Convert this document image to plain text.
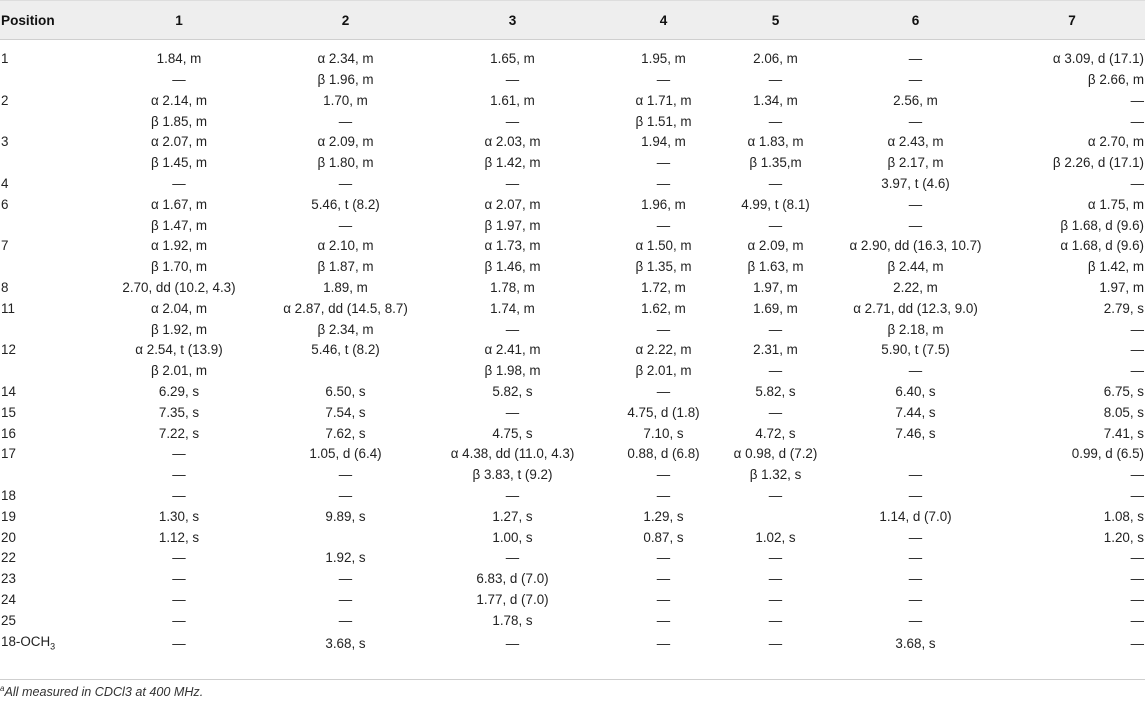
Position	1	2	3	4	5	6	7
1	1.84, m	α 2.34, m	1.65, m	1.95, m	2.06, m	—	α 3.09, d (17.1)
	—	β 1.96, m	—	—	—	—	β 2.66, m
2	α 2.14, m	1.70, m	1.61, m	α 1.71, m	1.34, m	2.56, m	—
	β 1.85, m	—	—	β 1.51, m	—	—	—
3	α 2.07, m	α 2.09, m	α 2.03, m	1.94, m	α 1.83, m	α 2.43, m	α 2.70, m
	β 1.45, m	β 1.80, m	β 1.42, m	—	β 1.35,m	β 2.17, m	β 2.26, d (17.1)
4	—	—	—	—	—	3.97, t (4.6)	—
6	α 1.67, m	5.46, t (8.2)	α 2.07, m	1.96, m	4.99, t (8.1)	—	α 1.75, m
	β 1.47, m	—	β 1.97, m	—	—	—	β 1.68, d (9.6)
7	α 1.92, m	α 2.10, m	α 1.73, m	α 1.50, m	α 2.09, m	α 2.90, dd (16.3, 10.7)	α 1.68, d (9.6)
	β 1.70, m	β 1.87, m	β 1.46, m	β 1.35, m	β 1.63, m	β 2.44, m	β 1.42, m
8	2.70, dd (10.2, 4.3)	1.89, m	1.78, m	1.72, m	1.97, m	2.22, m	1.97, m
11	α 2.04, m	α 2.87, dd (14.5, 8.7)	1.74, m	1.62, m	1.69, m	α 2.71, dd (12.3, 9.0)	2.79, s
	β 1.92, m	β 2.34, m	—	—	—	β 2.18, m	—
12	α 2.54, t (13.9)	5.46, t (8.2)	α 2.41, m	α 2.22, m	2.31, m	5.90, t (7.5)	—
	β 2.01, m		β 1.98, m	β 2.01, m	—	—	—
14	6.29, s	6.50, s	5.82, s	—	5.82, s	6.40, s	6.75, s
15	7.35, s	7.54, s	—	4.75, d (1.8)	—	7.44, s	8.05, s
16	7.22, s	7.62, s	4.75, s	7.10, s	4.72, s	7.46, s	7.41, s
17	—	1.05, d (6.4)	α 4.38, dd (11.0, 4.3)	0.88, d (6.8)	α 0.98, d (7.2)		0.99, d (6.5)
	—	—	β 3.83, t (9.2)	—	β 1.32, s	—	—
18	—	—	—	—	—	—	—
19	1.30, s	9.89, s	1.27, s	1.29, s		1.14, d (7.0)	1.08, s
20	1.12, s		1.00, s	0.87, s	1.02, s	—	1.20, s
22	—	1.92, s	—	—	—	—	—
23	—	—	6.83, d (7.0)	—	—	—	—
24	—	—	1.77, d (7.0)	—	—	—	—
25	—	—	1.78, s	—	—	—	—
$18-OCH_3$	—	3.68, s	—	—	—	3.68, s	—
$^a$All measured in CDCl3 at 400 MHz.
